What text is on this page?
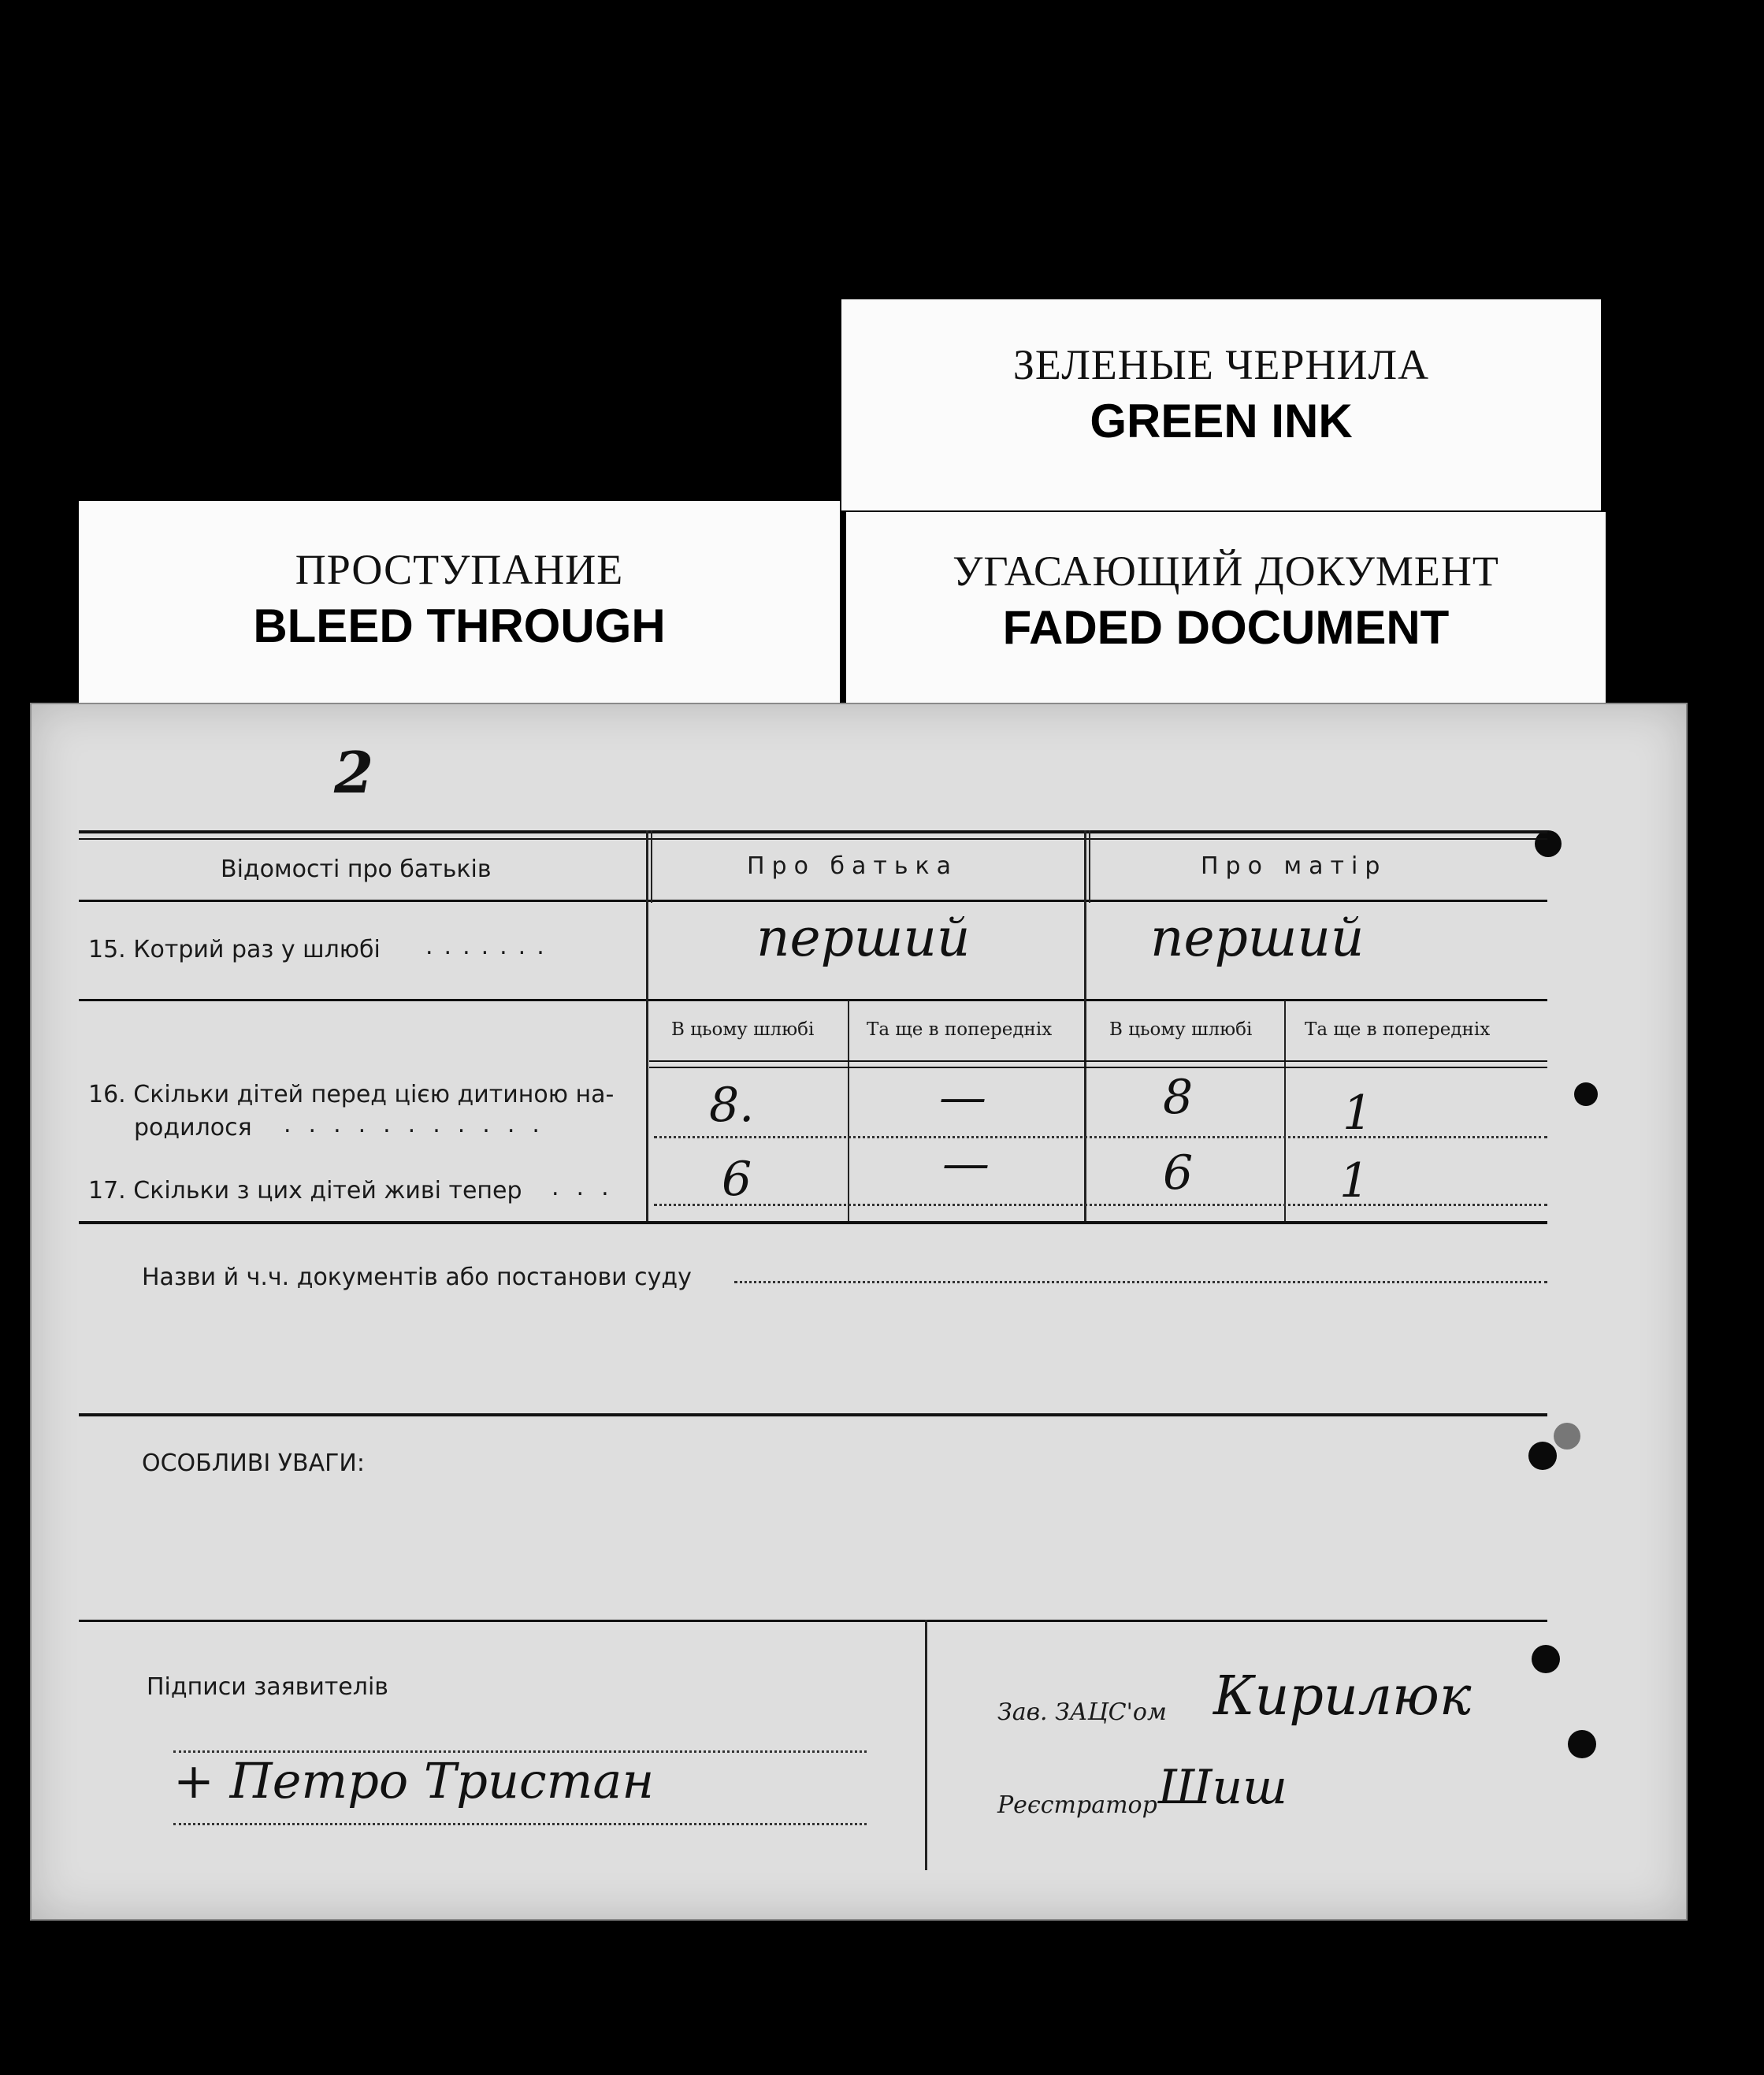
ЗЕЛЕНЫЕ ЧЕРНИЛА
GREEN INK
ПРОСТУПАНИЕ
BLEED THROUGH
УГАСАЮЩИЙ ДОКУМЕНТ
FADED DOCUMENT
2
Відомості про батьків	Про батька	Про матір
15. Котрий раз у шлюбі .......	перший	перший
В цьому шлюбі	Та ще в попередніх	В цьому шлюбі	Та ще в попередніх
16. Скільки дітей перед цією дитиною на-
родилося ...........	8.	—	8	1
17. Скільки з цих дітей живі тепер ... 6	—	6	1
Назви й ч.ч. документів або постанови суду
ОСОБЛИВІ УВАГИ:
Підписи заявителів
+ Петро Тристан
Зав. ЗАЦС'ом Кирилюк
Реєстратор Шиш
